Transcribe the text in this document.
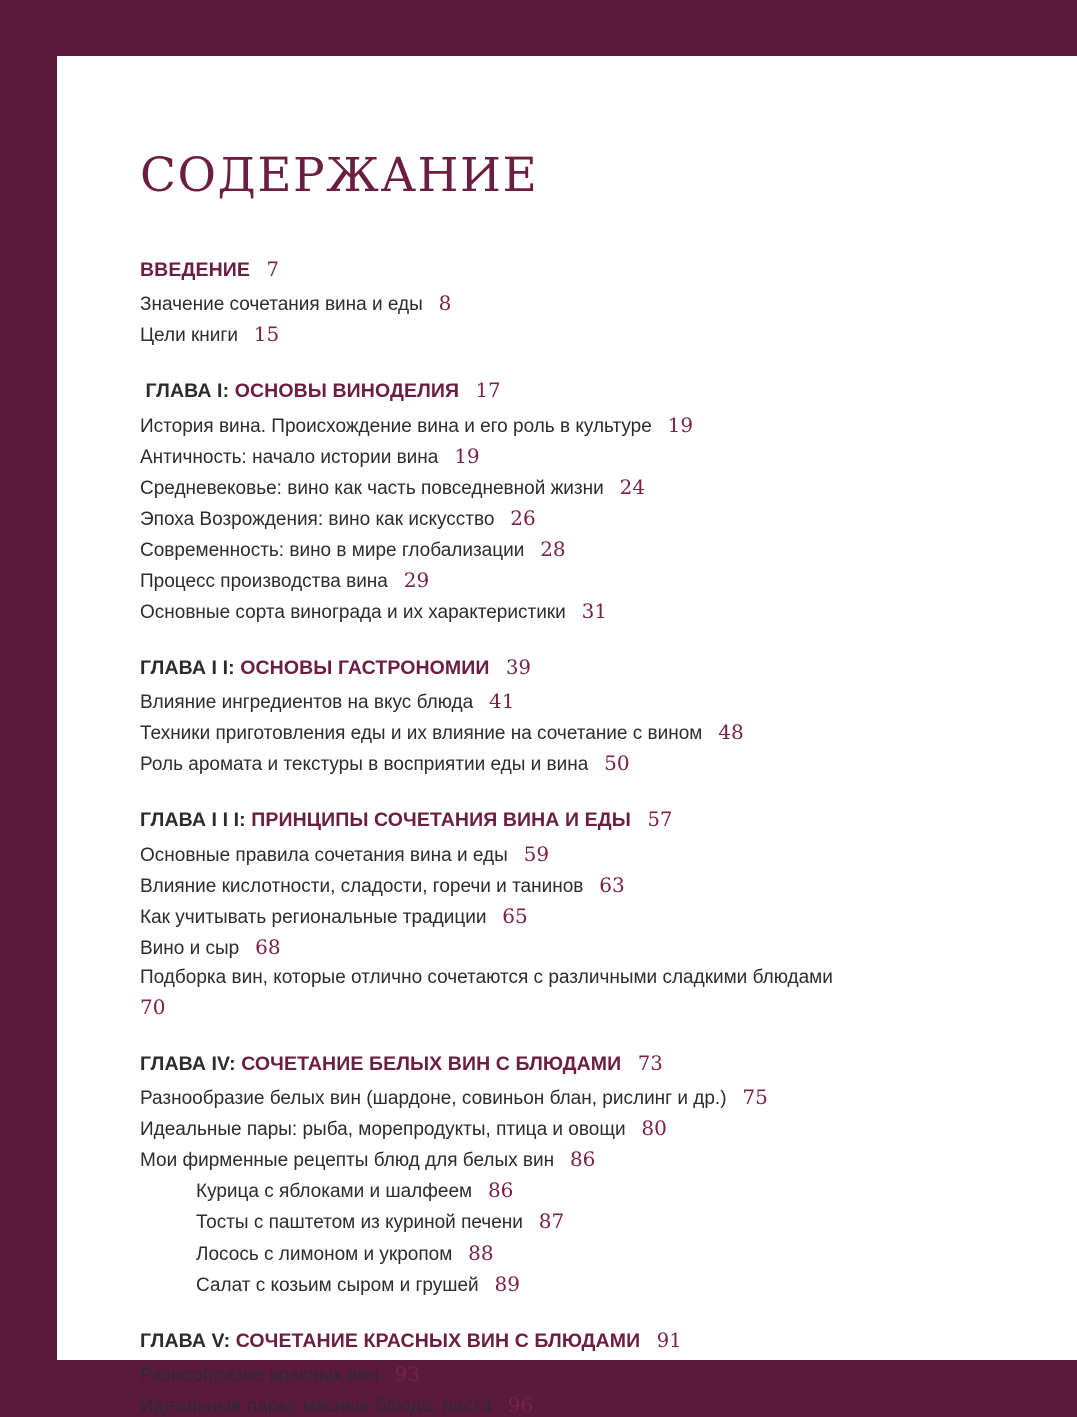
СОДЕРЖАНИЕ
ВВЕДЕНИЕ 7
Значение сочетания вина и еды 8
Цели книги 15
ГЛАВА I: ОСНОВЫ ВИНОДЕЛИЯ 17
История вина. Происхождение вина и его роль в культуре 19
Античность: начало истории вина 19
Средневековье: вино как часть повседневной жизни 24
Эпоха Возрождения: вино как искусство 26
Современность: вино в мире глобализации 28
Процесс производства вина 29
Основные сорта винограда и их характеристики 31
ГЛАВА I I: ОСНОВЫ ГАСТРОНОМИИ 39
Влияние ингредиентов на вкус блюда 41
Техники приготовления еды и их влияние на сочетание с вином 48
Роль аромата и текстуры в восприятии еды и вина 50
ГЛАВА I I I: ПРИНЦИПЫ СОЧЕТАНИЯ ВИНА И ЕДЫ 57
Основные правила сочетания вина и еды 59
Влияние кислотности, сладости, горечи и танинов 63
Как учитывать региональные традиции 65
Вино и сыр 68
Подборка вин, которые отлично сочетаются с различными сладкими блюдами 70
ГЛАВА IV: СОЧЕТАНИЕ БЕЛЫХ ВИН С БЛЮДАМИ 73
Разнообразие белых вин (шардоне, совиньон блан, рислинг и др.) 75
Идеальные пары: рыба, морепродукты, птица и овощи 80
Мои фирменные рецепты блюд для белых вин 86
Курица с яблоками и шалфеем 86
Тосты с паштетом из куриной печени 87
Лосось с лимоном и укропом 88
Салат с козьим сыром и грушей 89
ГЛАВА V: СОЧЕТАНИЕ КРАСНЫХ ВИН С БЛЮДАМИ 91
Разнообразие красных вин 93
Идеальные пары: мясные блюда, паста 96
